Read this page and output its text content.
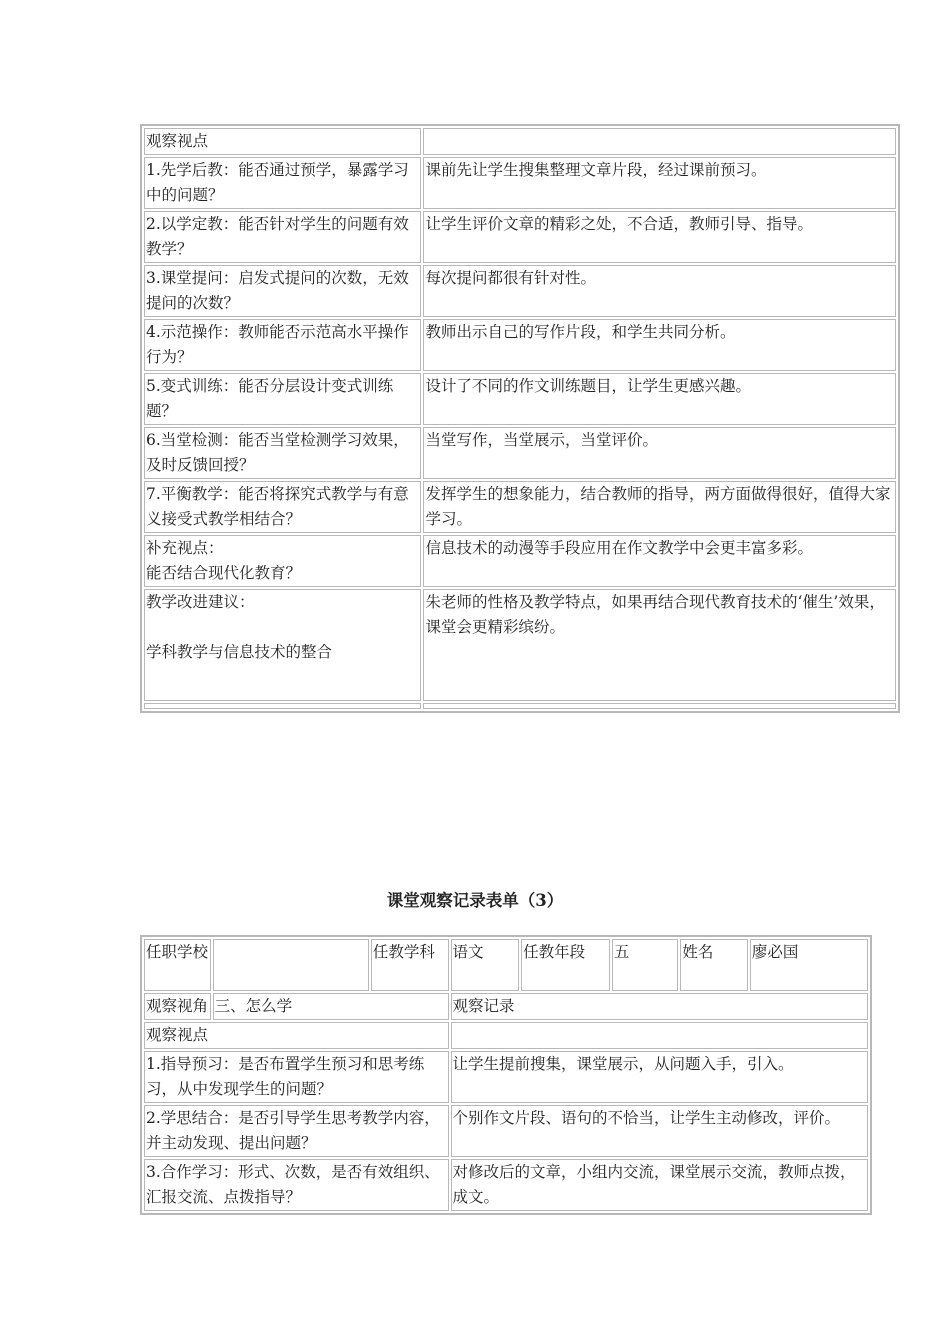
观察视点	

1.先学后教：能否通过预学，暴露学习中的问题？	课前先让学生搜集整理文章片段，经过课前预习。

2.以学定教：能否针对学生的问题有效教学？	让学生评价文章的精彩之处，不合适，教师引导、指导。

3.课堂提问：启发式提问的次数，无效提问的次数？	每次提问都很有针对性。

4.示范操作：教师能否示范高水平操作行为？	教师出示自己的写作片段，和学生共同分析。

5.变式训练：能否分层设计变式训练题？	设计了不同的作文训练题目，让学生更感兴趣。

6.当堂检测：能否当堂检测学习效果，及时反馈回授？	当堂写作，当堂展示，当堂评价。

7.平衡教学：能否将探究式教学与有意义接受式教学相结合？	发挥学生的想象能力，结合教师的指导，两方面做得很好，值得大家学习。

补充视点：
能否结合现代化教育？	信息技术的动漫等手段应用在作文教学中会更丰富多彩。

教学改进建议：

学科教学与信息技术的整合	朱老师的性格及教学特点，如果再结合现代教育技术的‘催生’效果，课堂会更精彩缤纷。

课堂观察记录表单（3）
任职学校		任教学科	语文	任教年段	五	姓名	廖必国
观察视角	三、怎么学		观察记录				
观察视点							

1.指导预习：是否布置学生预习和思考练习，从中发现学生的问题？			让学生提前搜集，课堂展示，从问题入手，引入。				

2.学思结合：是否引导学生思考教学内容，并主动发现、提出问题？			个别作文片段、语句的不恰当，让学生主动修改，评价。				

3.合作学习：形式、次数，是否有效组织、汇报交流、点拨指导？			对修改后的文章，小组内交流，课堂展示交流，教师点拨，成文。				
